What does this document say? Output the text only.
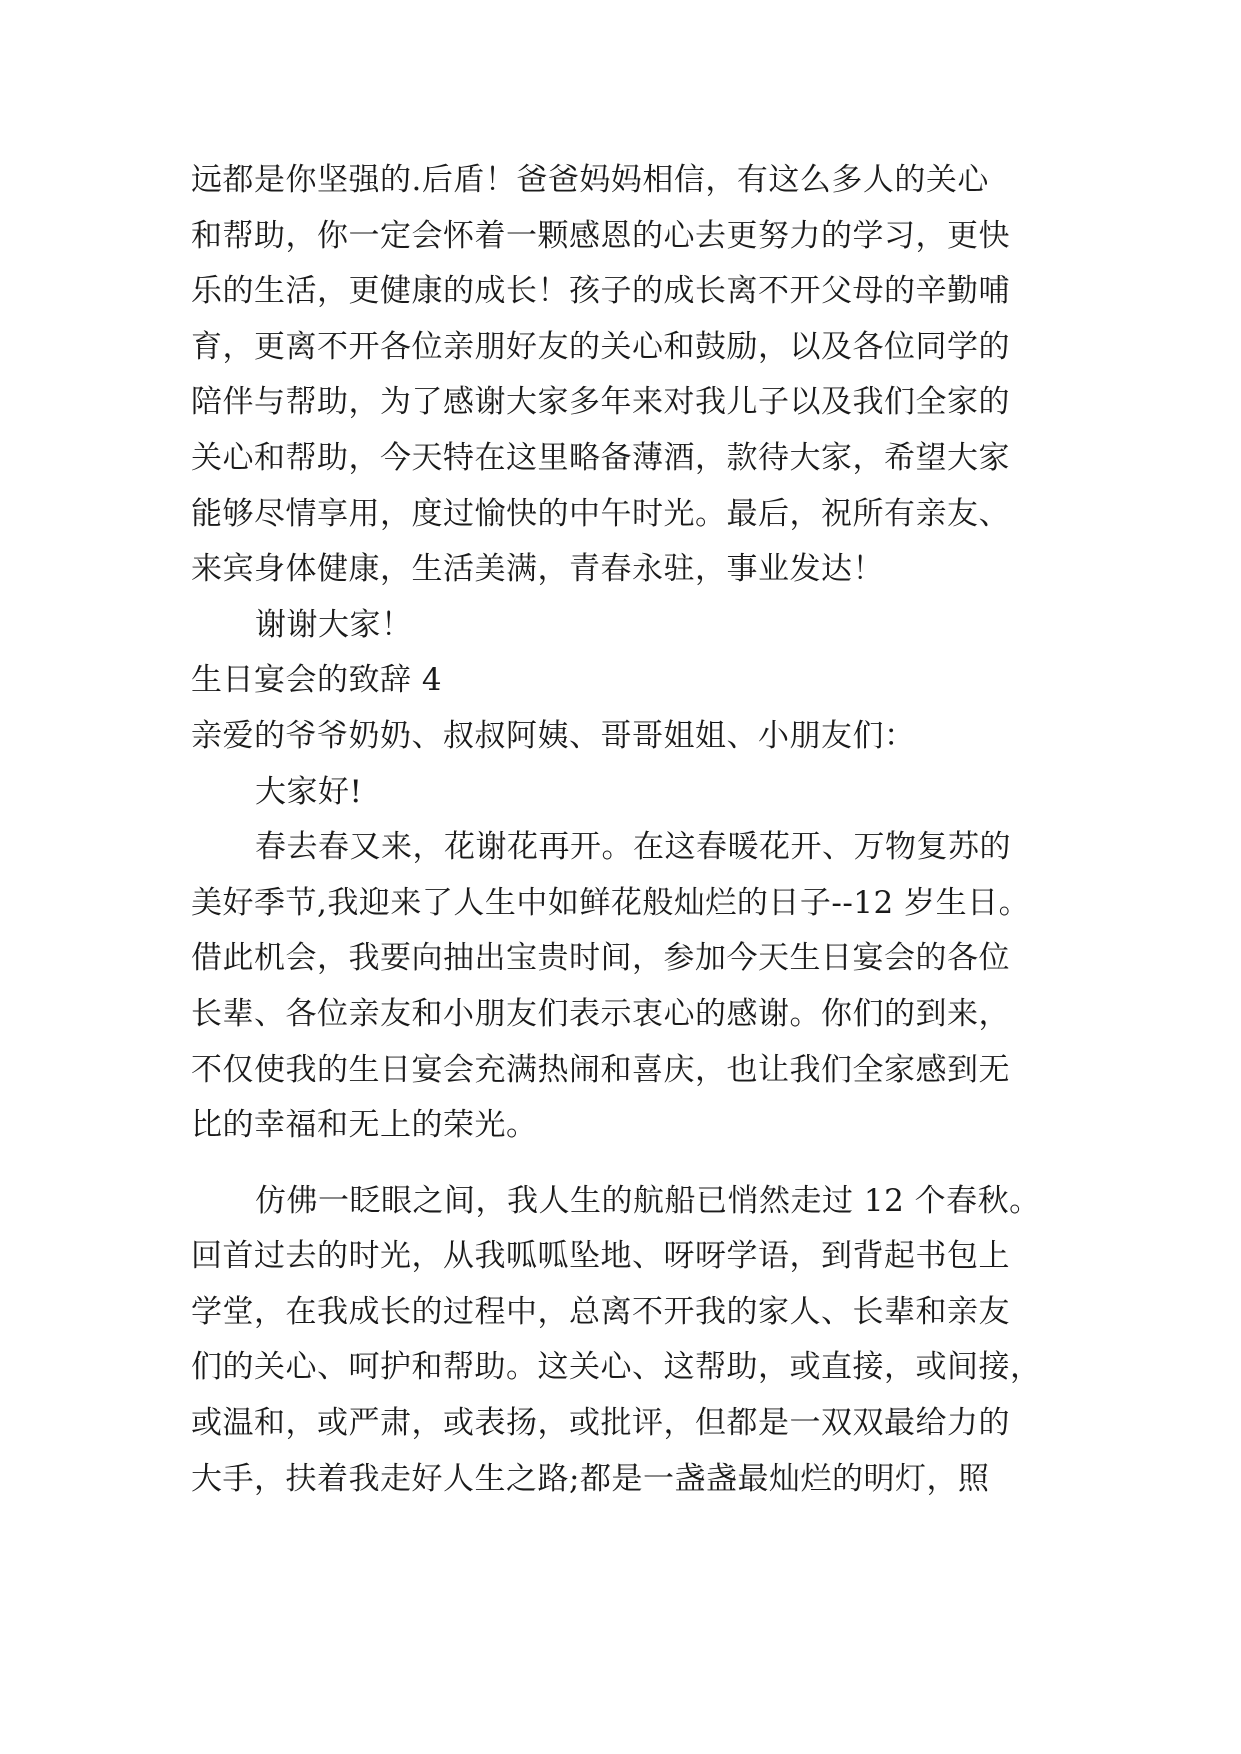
远都是你坚强的.后盾！爸爸妈妈相信，有这么多人的关心
和帮助，你一定会怀着一颗感恩的心去更努力的学习，更快
乐的生活，更健康的成长！孩子的成长离不开父母的辛勤哺
育，更离不开各位亲朋好友的关心和鼓励，以及各位同学的
陪伴与帮助，为了感谢大家多年来对我儿子以及我们全家的
关心和帮助，今天特在这里略备薄酒，款待大家，希望大家
能够尽情享用，度过愉快的中午时光。最后，祝所有亲友、
来宾身体健康，生活美满，青春永驻，事业发达！
谢谢大家！
生日宴会的致辞 4
亲爱的爷爷奶奶、叔叔阿姨、哥哥姐姐、小朋友们：
大家好!
春去春又来，花谢花再开。在这春暖花开、万物复苏的
美好季节,我迎来了人生中如鲜花般灿烂的日子--12 岁生日。
借此机会，我要向抽出宝贵时间，参加今天生日宴会的各位
长辈、各位亲友和小朋友们表示衷心的感谢。你们的到来，
不仅使我的生日宴会充满热闹和喜庆，也让我们全家感到无
比的幸福和无上的荣光。
仿佛一眨眼之间，我人生的航船已悄然走过 12 个春秋。
回首过去的时光，从我呱呱坠地、呀呀学语，到背起书包上
学堂，在我成长的过程中，总离不开我的家人、长辈和亲友
们的关心、呵护和帮助。这关心、这帮助，或直接，或间接，
或温和，或严肃，或表扬，或批评，但都是一双双最给力的
大手，扶着我走好人生之路;都是一盏盏最灿烂的明灯，照
